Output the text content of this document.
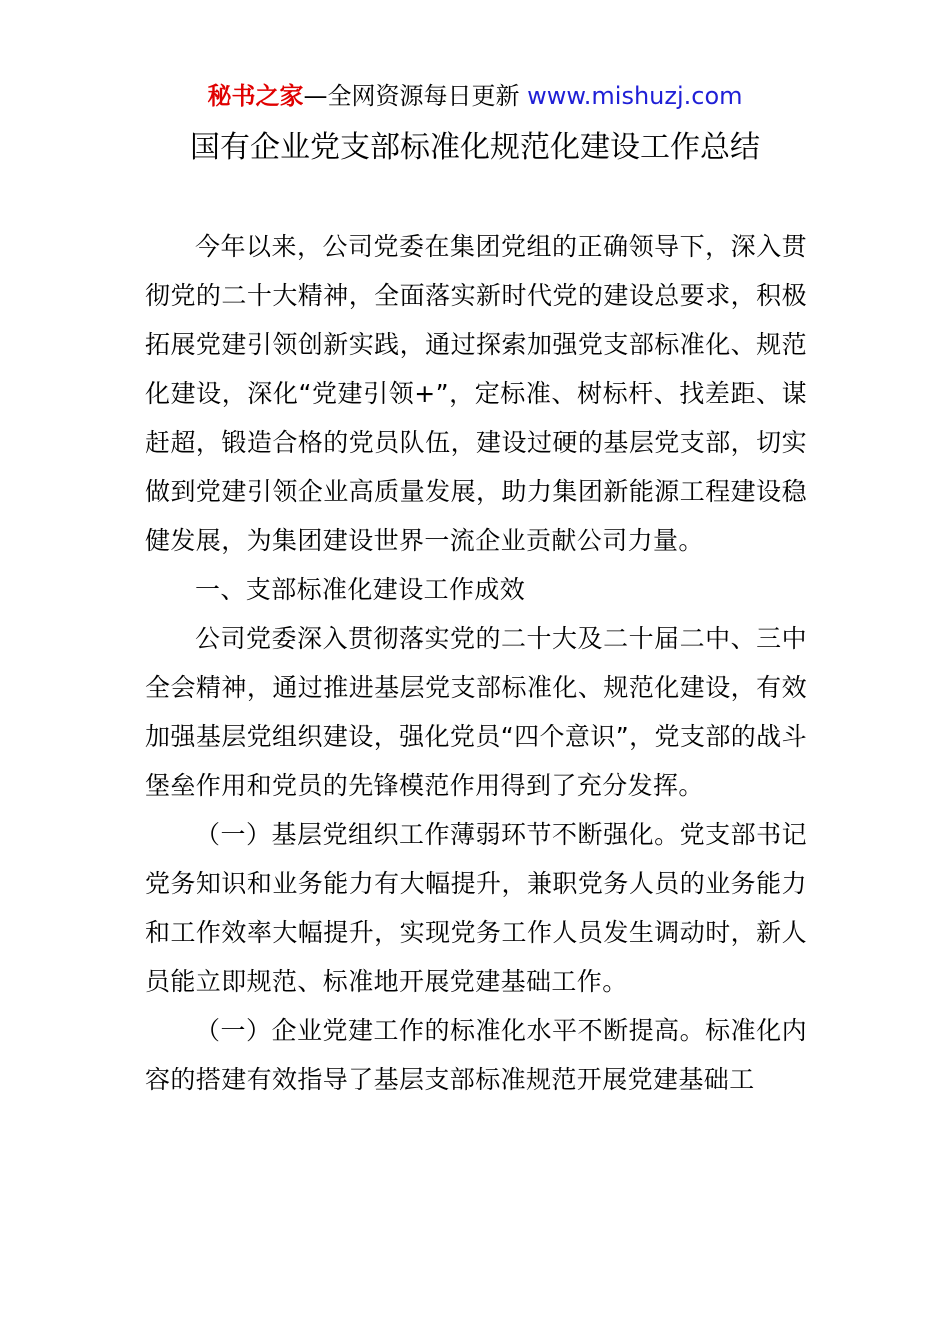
秘书之家—全网资源每日更新 www.mishuzj.com
国有企业党支部标准化规范化建设工作总结

今年以来，公司党委在集团党组的正确领导下，深入贯彻党的二十大精神，全面落实新时代党的建设总要求，积极拓展党建引领创新实践，通过探索加强党支部标准化、规范化建设，深化“党建引领+”，定标准、树标杆、找差距、谋赶超，锻造合格的党员队伍，建设过硬的基层党支部，切实做到党建引领企业高质量发展，助力集团新能源工程建设稳健发展，为集团建设世界一流企业贡献公司力量。

一、支部标准化建设工作成效

公司党委深入贯彻落实党的二十大及二十届二中、三中全会精神，通过推进基层党支部标准化、规范化建设，有效加强基层党组织建设，强化党员“四个意识”，党支部的战斗堡垒作用和党员的先锋模范作用得到了充分发挥。

（一）基层党组织工作薄弱环节不断强化。党支部书记党务知识和业务能力有大幅提升，兼职党务人员的业务能力和工作效率大幅提升，实现党务工作人员发生调动时，新人员能立即规范、标准地开展党建基础工作。

（一）企业党建工作的标准化水平不断提高。标准化内容的搭建有效指导了基层支部标准规范开展党建基础工
